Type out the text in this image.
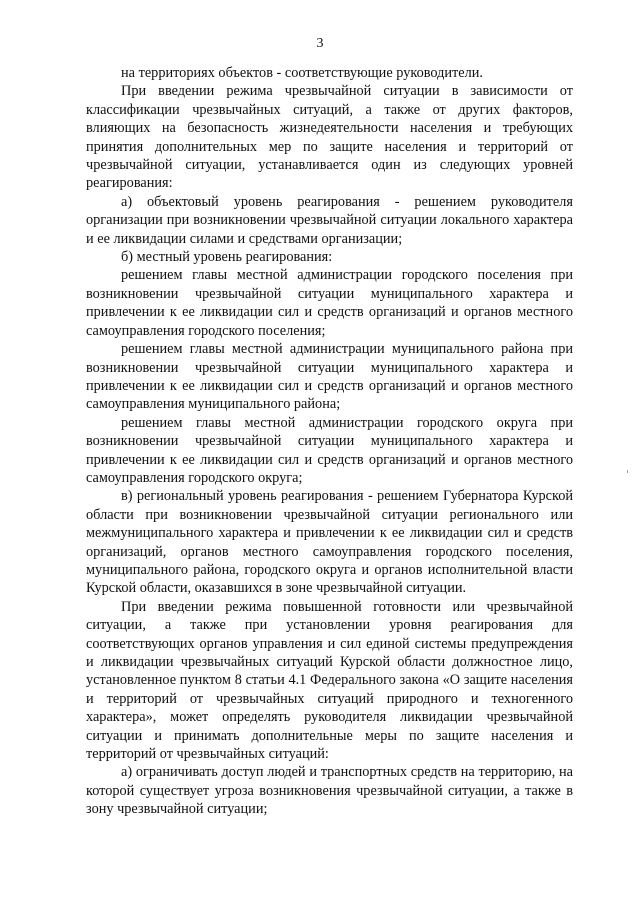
3

на территориях объектов - соответствующие руководители.

При введении режима чрезвычайной ситуации в зависимости от классификации чрезвычайных ситуаций, а также от других факторов, влияющих на безопасность жизнедеятельности населения и требующих принятия дополнительных мер по защите населения и территорий от чрезвычайной ситуации, устанавливается один из следующих уровней реагирования:

а) объектовый уровень реагирования - решением руководителя организации при возникновении чрезвычайной ситуации локального характера и ее ликвидации силами и средствами организации;

б) местный уровень реагирования:

решением главы местной администрации городского поселения при возникновении чрезвычайной ситуации муниципального характера и привлечении к ее ликвидации сил и средств организаций и органов местного самоуправления городского поселения;

решением главы местной администрации муниципального района при возникновении чрезвычайной ситуации муниципального характера и привлечении к ее ликвидации сил и средств организаций и органов местного самоуправления муниципального района;

решением главы местной администрации городского округа при возникновении чрезвычайной ситуации муниципального характера и привлечении к ее ликвидации сил и средств организаций и органов местного самоуправления городского округа;

в) региональный уровень реагирования - решением Губернатора Курской области при возникновении чрезвычайной ситуации регионального или межмуниципального характера и привлечении к ее ликвидации сил и средств организаций, органов местного самоуправления городского поселения, муниципального района, городского округа и органов исполнительной власти Курской области, оказавшихся в зоне чрезвычайной ситуации.

При введении режима повышенной готовности или чрезвычайной ситуации, а также при установлении уровня реагирования для соответствующих органов управления и сил единой системы предупреждения и ликвидации чрезвычайных ситуаций Курской области должностное лицо, установленное пунктом 8 статьи 4.1 Федерального закона «О защите населения и территорий от чрезвычайных ситуаций природного и техногенного характера», может определять руководителя ликвидации чрезвычайной ситуации и принимать дополнительные меры по защите населения и территорий от чрезвычайных ситуаций:

а) ограничивать доступ людей и транспортных средств на территорию, на которой существует угроза возникновения чрезвычайной ситуации, а также в зону чрезвычайной ситуации;
